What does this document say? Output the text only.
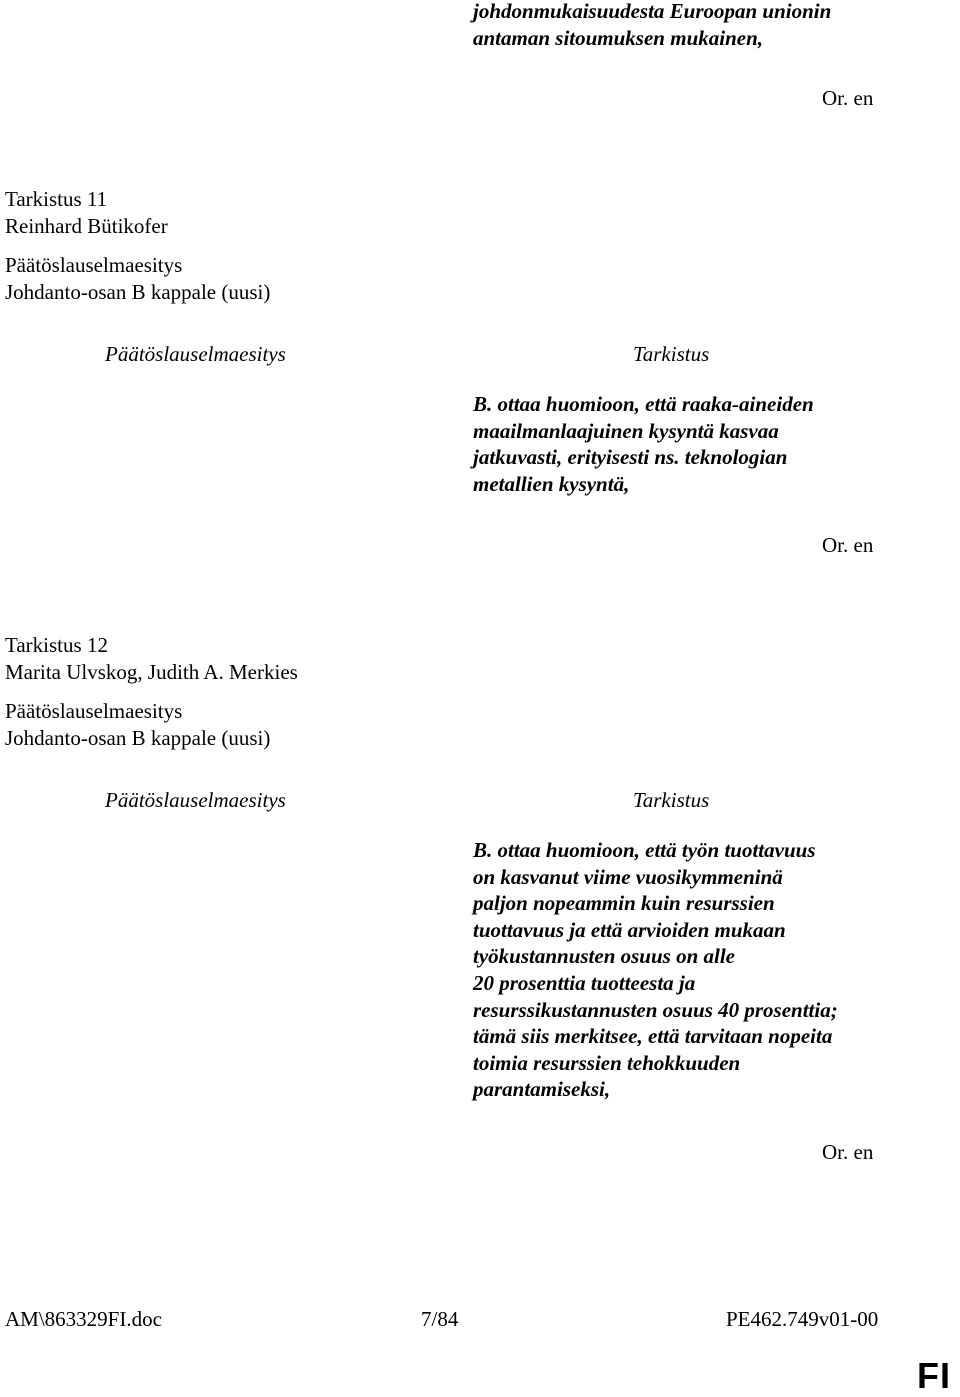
johdonmukaisuudesta Euroopan unionin
antaman sitoumuksen mukainen,
Or. en
Tarkistus 11
Reinhard Bütikofer
Päätöslauselmaesitys
Johdanto-osan B kappale (uusi)
Päätöslauselmaesitys	Tarkistus
B. ottaa huomioon, että raaka-aineiden
maailmanlaajuinen kysyntä kasvaa
jatkuvasti, erityisesti ns. teknologian
metallien kysyntä,
Or. en
Tarkistus 12
Marita Ulvskog, Judith A. Merkies
Päätöslauselmaesitys
Johdanto-osan B kappale (uusi)
Päätöslauselmaesitys	Tarkistus
B. ottaa huomioon, että työn tuottavuus
on kasvanut viime vuosikymmeninä
paljon nopeammin kuin resurssien
tuottavuus ja että arvioiden mukaan
työkustannusten osuus on alle
20 prosenttia tuotteesta ja
resurssikustannusten osuus 40 prosenttia;
tämä siis merkitsee, että tarvitaan nopeita
toimia resurssien tehokkuuden
parantamiseksi,
Or. en
AM\863329FI.doc	7/84	PE462.749v01-00
FI
